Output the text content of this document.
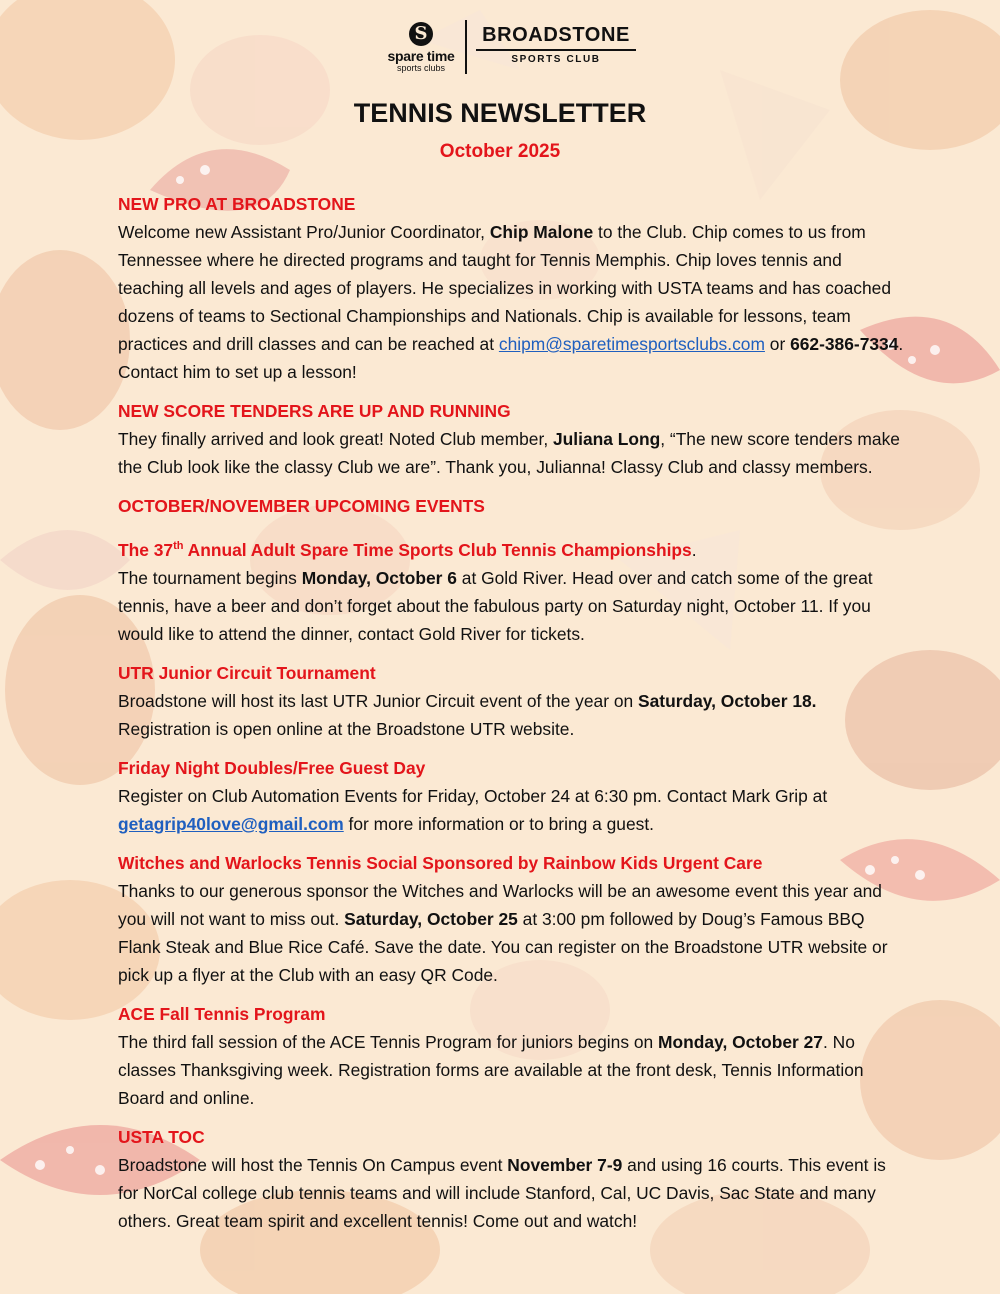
S
spare time
sports clubs
BROADSTONE
SPORTS CLUB
TENNIS NEWSLETTER
October 2025
NEW PRO AT BROADSTONE
Welcome new Assistant Pro/Junior Coordinator, Chip Malone to the Club. Chip comes to us from Tennessee where he directed programs and taught for Tennis Memphis. Chip loves tennis and teaching all levels and ages of players. He specializes in working with USTA teams and has coached dozens of teams to Sectional Championships and Nationals. Chip is available for lessons, team practices and drill classes and can be reached at chipm@sparetimesportsclubs.com or 662-386-7334. Contact him to set up a lesson!
NEW SCORE TENDERS ARE UP AND RUNNING
They finally arrived and look great! Noted Club member, Juliana Long, “The new score tenders make the Club look like the classy Club we are”. Thank you, Julianna! Classy Club and classy members.
OCTOBER/NOVEMBER UPCOMING EVENTS
The 37th Annual Adult Spare Time Sports Club Tennis Championships.
The tournament begins Monday, October 6 at Gold River. Head over and catch some of the great tennis, have a beer and don’t forget about the fabulous party on Saturday night, October 11. If you would like to attend the dinner, contact Gold River for tickets.
UTR Junior Circuit Tournament
Broadstone will host its last UTR Junior Circuit event of the year on Saturday, October 18. Registration is open online at the Broadstone UTR website.
Friday Night Doubles/Free Guest Day
Register on Club Automation Events for Friday, October 24 at 6:30 pm. Contact Mark Grip at getagrip40love@gmail.com for more information or to bring a guest.
Witches and Warlocks Tennis Social Sponsored by Rainbow Kids Urgent Care
Thanks to our generous sponsor the Witches and Warlocks will be an awesome event this year and you will not want to miss out. Saturday, October 25 at 3:00 pm followed by Doug’s Famous BBQ Flank Steak and Blue Rice Café. Save the date. You can register on the Broadstone UTR website or pick up a flyer at the Club with an easy QR Code.
ACE Fall Tennis Program
The third fall session of the ACE Tennis Program for juniors begins on Monday, October 27. No classes Thanksgiving week. Registration forms are available at the front desk, Tennis Information Board and online.
USTA TOC
Broadstone will host the Tennis On Campus event November 7-9 and using 16 courts. This event is for NorCal college club tennis teams and will include Stanford, Cal, UC Davis, Sac State and many others. Great team spirit and excellent tennis! Come out and watch!
